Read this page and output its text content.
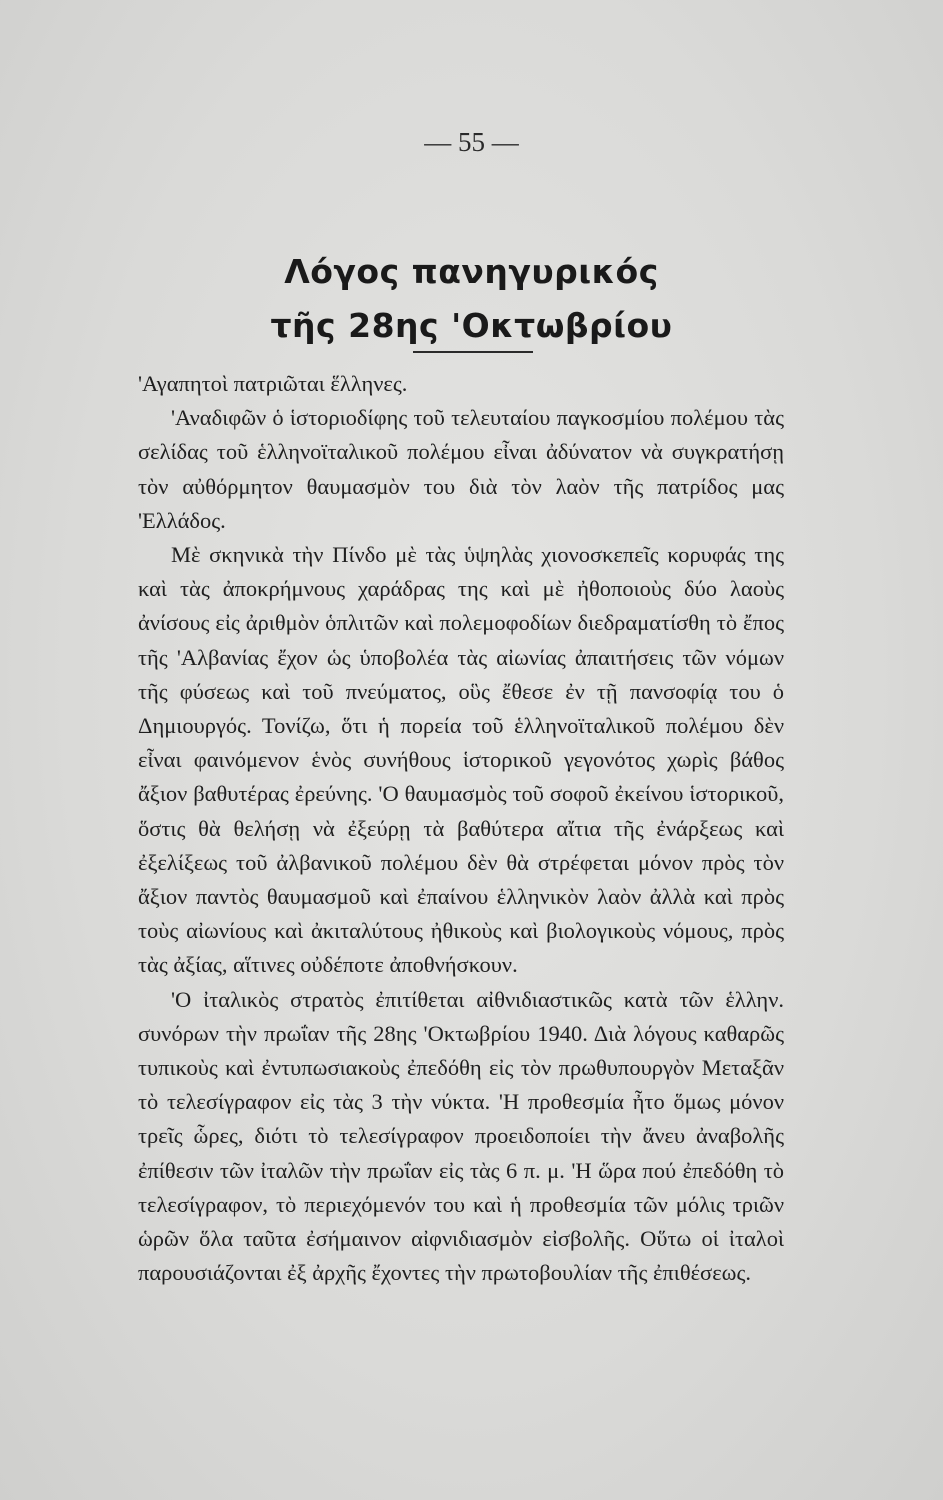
— 55 —
Λόγος πανηγυρικός
τῆς 28ης 'Οκτωβρίου

'Αγαπητοὶ πατριῶται ἕλληνες.

'Αναδιφῶν ὁ ἱστοριοδίφης τοῦ τελευταίου παγκοσμίου πολέμου τὰς σελίδας τοῦ ἑλληνοϊταλικοῦ πολέμου εἶναι ἀδύνατον νὰ συγκρατήσῃ τὸν αὐθόρμητον θαυμασμὸν του διὰ τὸν λαὸν τῆς πατρίδος μας 'Ελλάδος.

Μὲ σκηνικὰ τὴν Πίνδο μὲ τὰς ὑψηλὰς χιονοσκεπεῖς κορυφάς της καὶ τὰς ἀποκρήμνους χαράδρας της καὶ μὲ ἠθοποιοὺς δύο λαοὺς ἀνίσους εἰς ἀριθμὸν ὁπλιτῶν καὶ πολεμοφοδίων διεδραματίσθη τὸ ἔπος τῆς 'Αλβανίας ἔχον ὡς ὑποβολέα τὰς αἰωνίας ἀπαιτήσεις τῶν νόμων τῆς φύσεως καὶ τοῦ πνεύματος, οὓς ἔθεσε ἐν τῇ πανσοφίᾳ του ὁ Δημιουργός. Τονίζω, ὅτι ἡ πορεία τοῦ ἑλληνοϊταλικοῦ πολέμου δὲν εἶναι φαινόμενον ἑνὸς συνήθους ἱστορικοῦ γεγονότος χωρὶς βάθος ἄξιον βαθυτέρας ἐρεύνης. 'Ο θαυμασμὸς τοῦ σοφοῦ ἐκείνου ἱστορικοῦ, ὅστις θὰ θελήσῃ νὰ ἐξεύρῃ τὰ βαθύτερα αἴτια τῆς ἐνάρξεως καὶ ἐξελίξεως τοῦ ἀλβανικοῦ πολέμου δὲν θὰ στρέφεται μόνον πρὸς τὸν ἄξιον παντὸς θαυμασμοῦ καὶ ἐπαίνου ἑλληνικὸν λαὸν ἀλλὰ καὶ πρὸς τοὺς αἰωνίους καὶ ἀκιταλύτους ἠθικοὺς καὶ βιολογικοὺς νόμους, πρὸς τὰς ἀξίας, αἵτινες οὐδέποτε ἀποθνήσκουν.

'Ο ἰταλικὸς στρατὸς ἐπιτίθεται αἰθνιδιαστικῶς κατὰ τῶν ἑλλην. συνόρων τὴν πρωΐαν τῆς 28ης 'Οκτωβρίου 1940. Διὰ λόγους καθαρῶς τυπικοὺς καὶ ἐντυπωσιακοὺς ἐπεδόθη εἰς τὸν πρωθυπουργὸν Μεταξᾶν τὸ τελεσίγραφον εἰς τὰς 3 τὴν νύκτα. 'Η προθεσμία ἦτο ὅμως μόνον τρεῖς ὧρες, διότι τὸ τελεσίγραφον προειδοποίει τὴν ἄνευ ἀναβολῆς ἐπίθεσιν τῶν ἰταλῶν τὴν πρωΐαν εἰς τὰς 6 π. μ. 'Η ὥρα πού ἐπεδόθη τὸ τελεσίγραφον, τὸ περιεχόμενόν του καὶ ἡ προθεσμία τῶν μόλις τριῶν ὡρῶν ὅλα ταῦτα ἐσήμαινον αἰφνιδιασμὸν εἰσβολῆς. Οὕτω οἱ ἰταλοὶ παρουσιάζονται ἐξ ἀρχῆς ἔχοντες τὴν πρωτοβουλίαν τῆς ἐπιθέσεως.
